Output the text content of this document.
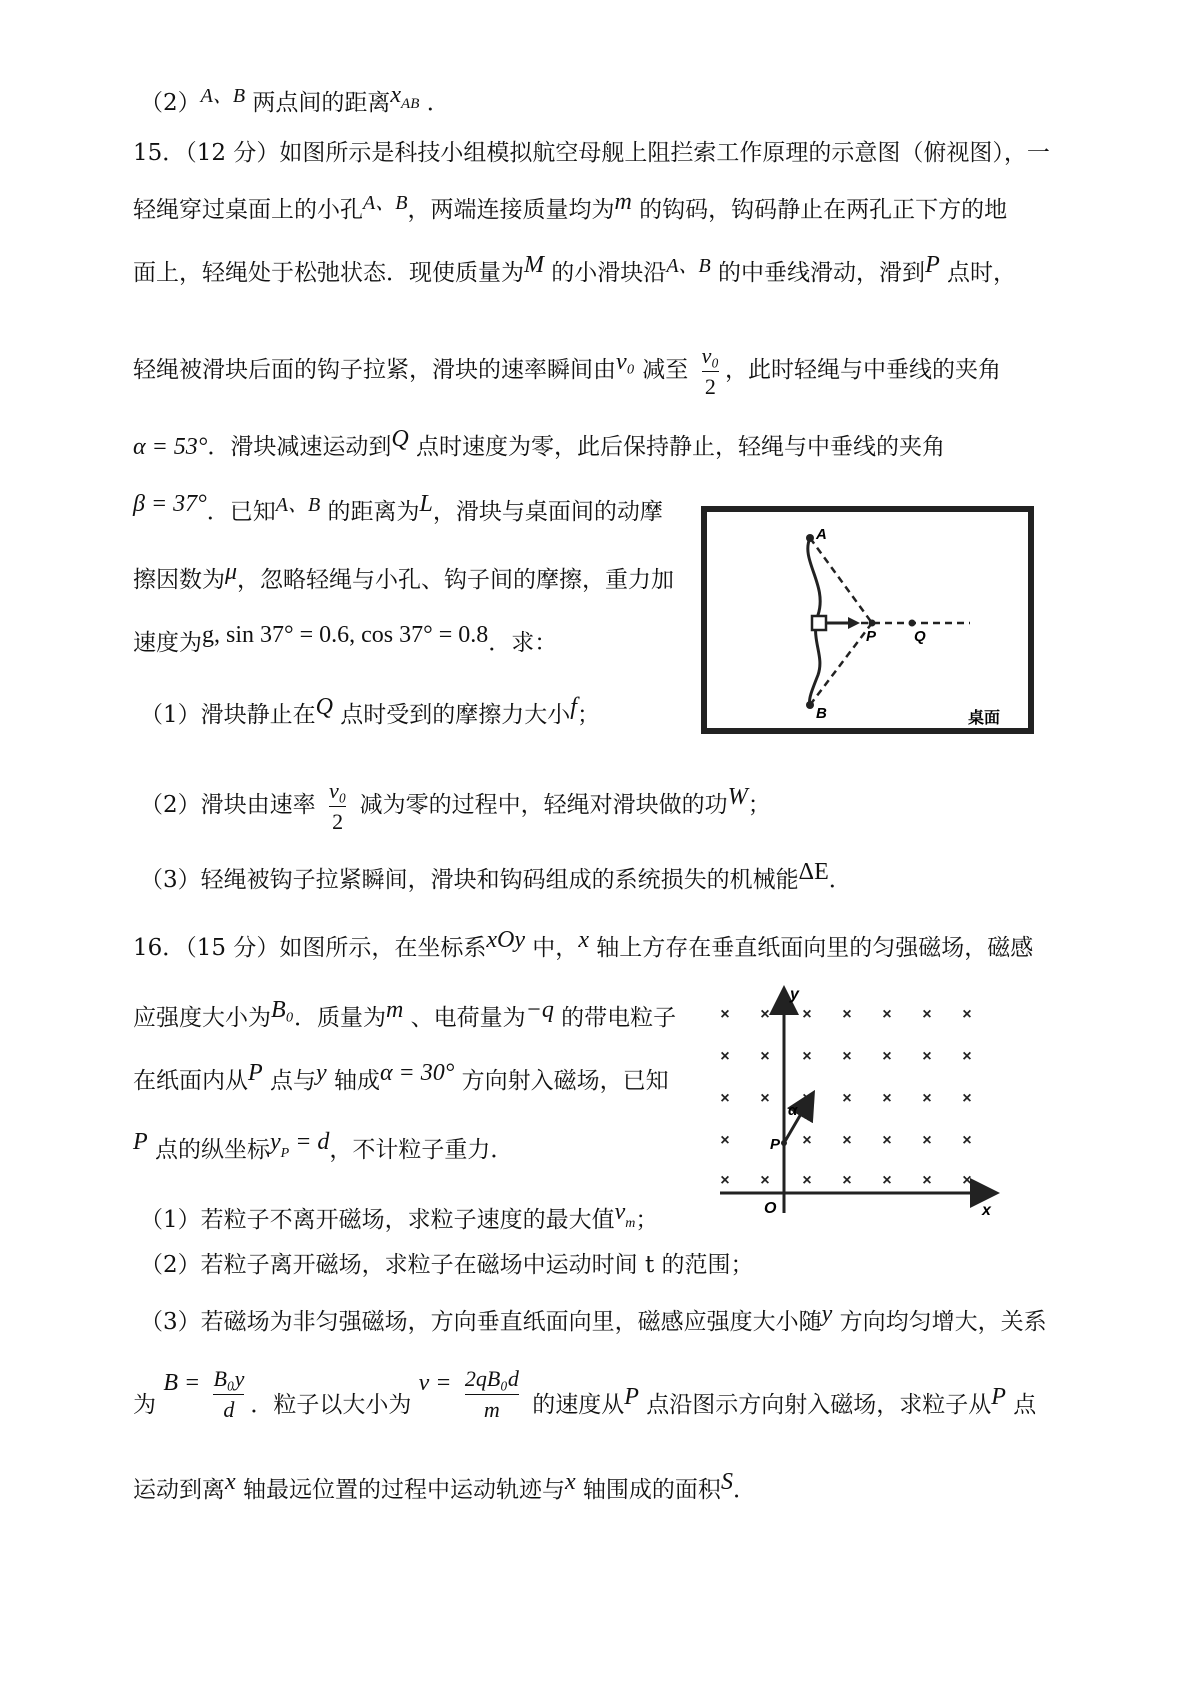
（2）A、B 两点间的距离xAB ．
15．（12 分）如图所示是科技小组模拟航空母舰上阻拦索工作原理的示意图（俯视图），一
轻绳穿过桌面上的小孔A、B，两端连接质量均为m 的钩码，钩码静止在两孔正下方的地
面上，轻绳处于松弛状态．现使质量为M 的小滑块沿A、B 的中垂线滑动，滑到P 点时，
轻绳被滑块后面的钩子拉紧，滑块的速率瞬间由v₀ 减至 $\frac{\text{v₀}}{2}$ ，此时轻绳与中垂线的夹角
α = 53°．滑块减速运动到Q 点时速度为零，此后保持静止，轻绳与中垂线的夹角
β = 37°．已知A、B 的距离为L，滑块与桌面间的动摩
擦因数为μ，忽略轻绳与小孔、钩子间的摩擦，重力加
速度为g, sin 37° = 0.6, cos 37° = 0.8．求：
（1）滑块静止在Q 点时受到的摩擦力大小f；
A
B
P	Q
桌面
（2）滑块由速率 $\frac{\text{v₀}}{2}$ 减为零的过程中，轻绳对滑块做的功W；
（3）轻绳被钩子拉紧瞬间，滑块和钩码组成的系统损失的机械能ΔE．
16．（15 分）如图所示，在坐标系xOy 中，x 轴上方存在垂直纸面向里的匀强磁场，磁感
应强度大小为B₀．质量为m 、电荷量为−q 的带电粒子
在纸面内从P 点与y 轴成α = 30° 方向射入磁场，已知
P 点的纵坐标yP = d，不计粒子重力．
y
x
O
× × × × × × ×
× × × × × × ×
× × × × × × ×
×	× × × × ×
× × × × × × ×
P
α
（1）若粒子不离开磁场，求粒子速度的最大值vm；
（2）若粒子离开磁场，求粒子在磁场中运动时间 t 的范围；
（3）若磁场为非匀强磁场，方向垂直纸面向里，磁感应强度大小随y 方向均匀增大，关系
为 $B = \frac{\text{B₀y}}{d}$ ．粒子以大小为 $v = \frac{\text{2qB₀d}}{m}$ 的速度从P 点沿图示方向射入磁场，求粒子从P 点
运动到离x 轴最远位置的过程中运动轨迹与x 轴围成的面积S．
